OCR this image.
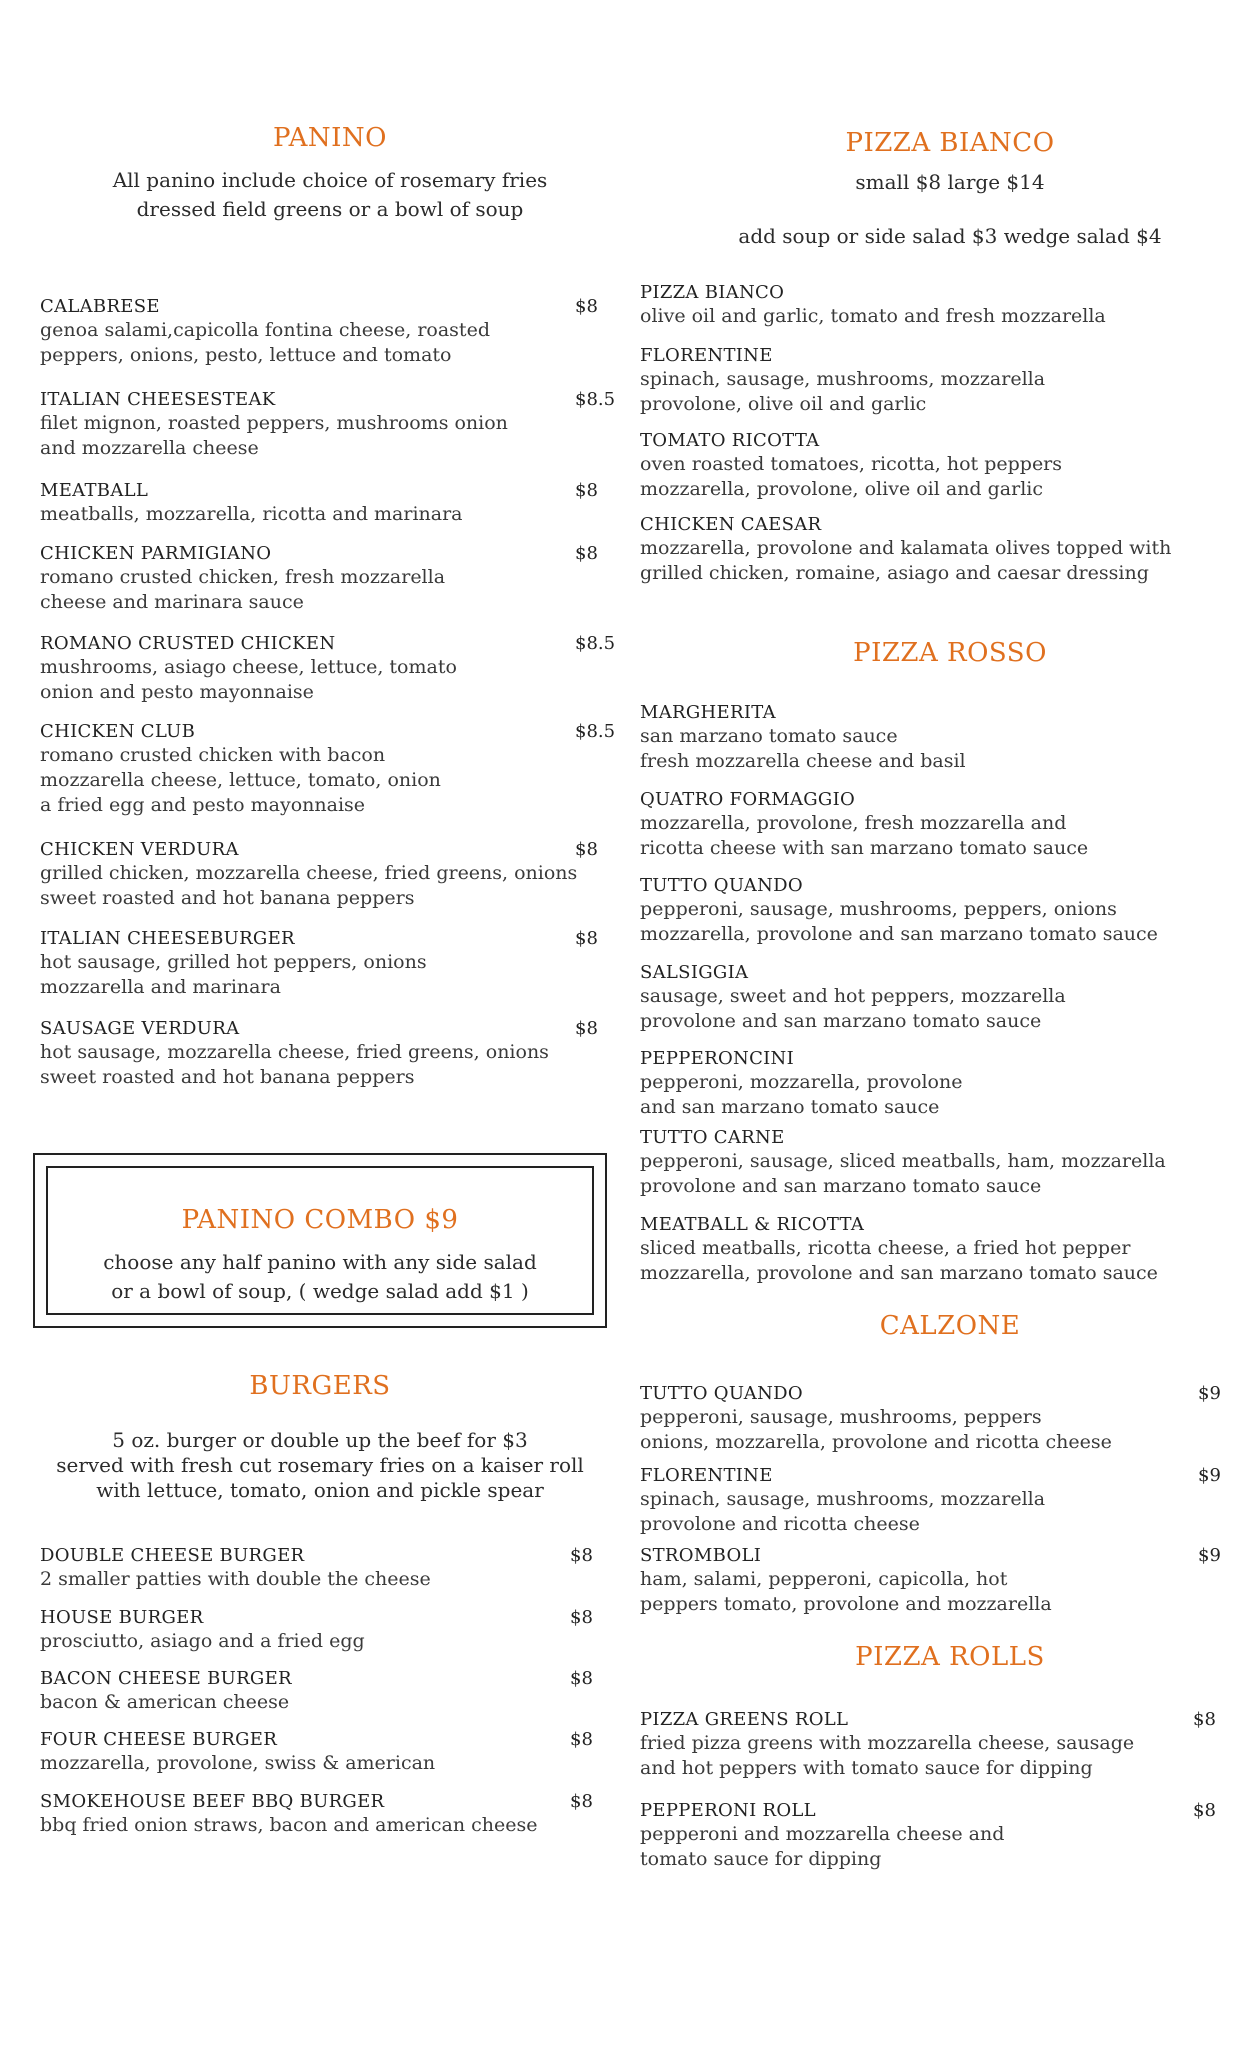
PANINO
All panino include choice of rosemary fries
dressed field greens or a bowl of soup
CALABRESE
genoa salami,capicolla fontina cheese, roasted
peppers, onions, pesto, lettuce and tomato
$8
ITALIAN CHEESESTEAK
filet mignon, roasted peppers, mushrooms onion
and mozzarella cheese
$8.5
MEATBALL
meatballs, mozzarella, ricotta and marinara
$8
CHICKEN PARMIGIANO
romano crusted chicken, fresh mozzarella
cheese and marinara sauce
$8
ROMANO CRUSTED CHICKEN
mushrooms, asiago cheese, lettuce, tomato
onion and pesto mayonnaise
$8.5
CHICKEN CLUB
romano crusted chicken with bacon
mozzarella cheese, lettuce, tomato, onion
a fried egg and pesto mayonnaise
$8.5
CHICKEN VERDURA
grilled chicken, mozzarella cheese, fried greens, onions
sweet roasted and hot banana peppers
$8
ITALIAN CHEESEBURGER
hot sausage, grilled hot peppers, onions
mozzarella and marinara
$8
SAUSAGE VERDURA
hot sausage, mozzarella cheese, fried greens, onions
sweet roasted and hot banana peppers
$8
PANINO COMBO $9
choose any half panino with any side salad
or a bowl of soup, ( wedge salad add $1 )
BURGERS
5 oz. burger or double up the beef for $3
served with fresh cut rosemary fries on a kaiser roll
with lettuce, tomato, onion and pickle spear
DOUBLE CHEESE BURGER
2 smaller patties with double the cheese
$8
HOUSE BURGER
prosciutto, asiago and a fried egg
$8
BACON CHEESE BURGER
bacon & american cheese
$8
FOUR CHEESE BURGER
mozzarella, provolone, swiss & american
$8
SMOKEHOUSE BEEF BBQ BURGER
bbq fried onion straws, bacon and american cheese
$8
PIZZA BIANCO
small $8 large $14
add soup or side salad $3 wedge salad $4
PIZZA BIANCO
olive oil and garlic, tomato and fresh mozzarella
FLORENTINE
spinach, sausage, mushrooms, mozzarella
provolone, olive oil and garlic
TOMATO RICOTTA
oven roasted tomatoes, ricotta, hot peppers
mozzarella, provolone, olive oil and garlic
CHICKEN CAESAR
mozzarella, provolone and kalamata olives topped with
grilled chicken, romaine, asiago and caesar dressing
PIZZA ROSSO
MARGHERITA
san marzano tomato sauce
fresh mozzarella cheese and basil
QUATRO FORMAGGIO
mozzarella, provolone, fresh mozzarella and
ricotta cheese with san marzano tomato sauce
TUTTO QUANDO
pepperoni, sausage, mushrooms, peppers, onions
mozzarella, provolone and san marzano tomato sauce
SALSIGGIA
sausage, sweet and hot peppers, mozzarella
provolone and san marzano tomato sauce
PEPPERONCINI
pepperoni, mozzarella, provolone
and san marzano tomato sauce
TUTTO CARNE
pepperoni, sausage, sliced meatballs, ham, mozzarella
provolone and san marzano tomato sauce
MEATBALL & RICOTTA
sliced meatballs, ricotta cheese, a fried hot pepper
mozzarella, provolone and san marzano tomato sauce
CALZONE
TUTTO QUANDO
pepperoni, sausage, mushrooms, peppers
onions, mozzarella, provolone and ricotta cheese
$9
FLORENTINE
spinach, sausage, mushrooms, mozzarella
provolone and ricotta cheese
$9
STROMBOLI
ham, salami, pepperoni, capicolla, hot
peppers tomato, provolone and mozzarella
$9
PIZZA ROLLS
PIZZA GREENS ROLL
fried pizza greens with mozzarella cheese, sausage
and hot peppers with tomato sauce for dipping
$8
PEPPERONI ROLL
pepperoni and mozzarella cheese and
tomato sauce for dipping
$8
